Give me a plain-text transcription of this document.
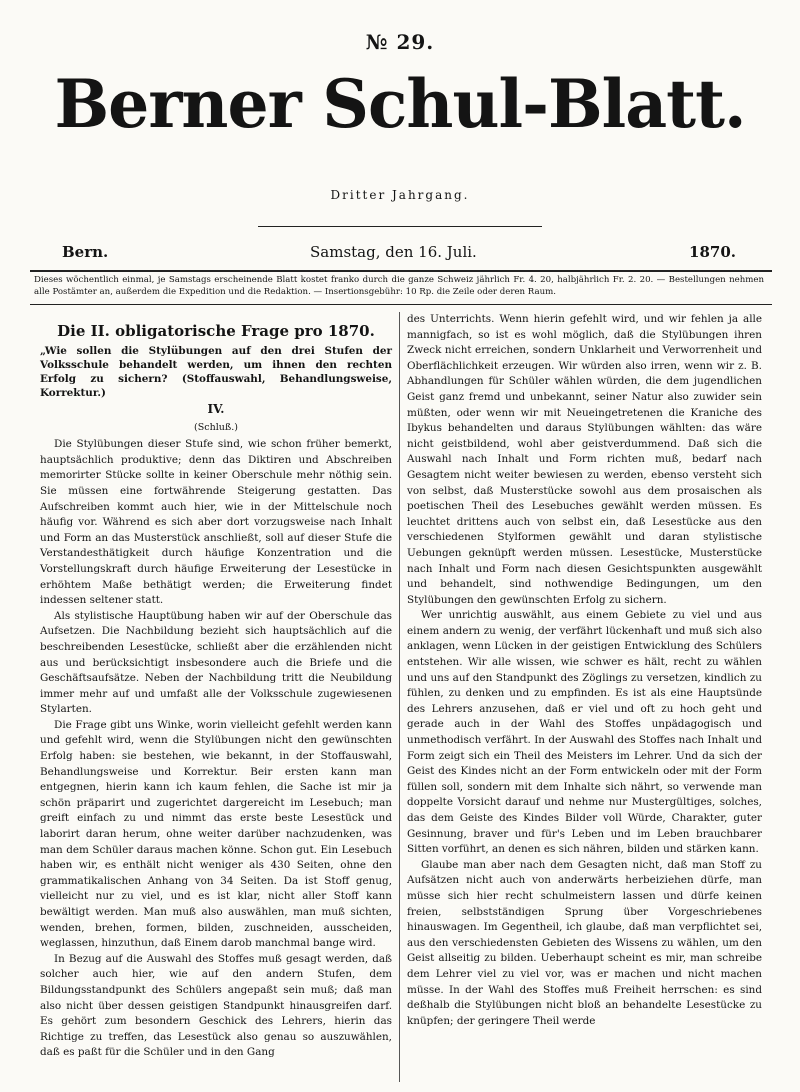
№ 29.
Berner Schul-Blatt.
Dritter Jahrgang.
Bern.	Samstag, den 16. Juli.	1870.
Dieses wöchentlich einmal, je Samstags erscheinende Blatt kostet franko durch die ganze Schweiz jährlich Fr. 4. 20, halbjährlich Fr. 2. 20. — Bestellungen nehmen alle Postämter an, außerdem die Expedition und die Redaktion. — Insertionsgebühr: 10 Rp. die Zeile oder deren Raum.
Die II. obligatorische Frage pro 1870.

„Wie sollen die Stylübungen auf den drei Stufen der Volksschule behandelt werden, um ihnen den rechten Erfolg zu sichern? (Stoffauswahl, Behandlungsweise, Korrektur.)

IV.
(Schluß.)

Die Stylübungen dieser Stufe sind, wie schon früher bemerkt, hauptsächlich produktive; denn das Diktiren und Abschreiben memorirter Stücke sollte in keiner Oberschule mehr nöthig sein. Sie müssen eine fortwährende Steigerung gestatten. Das Aufschreiben kommt auch hier, wie in der Mittelschule noch häufig vor. Während es sich aber dort vorzugsweise nach Inhalt und Form an das Musterstück anschließt, soll auf dieser Stufe die Verstandesthätigkeit durch häufige Konzentration und die Vorstellungskraft durch häufige Erweiterung der Lesestücke in erhöhtem Maße bethätigt werden; die Erweiterung findet indessen seltener statt.

Als stylistische Hauptübung haben wir auf der Oberschule das Aufsetzen. Die Nachbildung bezieht sich hauptsächlich auf die beschreibenden Lesestücke, schließt aber die erzählenden nicht aus und berücksichtigt insbesondere auch die Briefe und die Geschäftsaufsätze. Neben der Nachbildung tritt die Neubildung immer mehr auf und umfaßt alle der Volksschule zugewiesenen Stylarten.

Die Frage gibt uns Winke, worin vielleicht gefehlt werden kann und gefehlt wird, wenn die Stylübungen nicht den gewünschten Erfolg haben: sie bestehen, wie bekannt, in der Stoffauswahl, Behandlungsweise und Korrektur. Beir ersten kann man entgegnen, hierin kann ich kaum fehlen, die Sache ist mir ja schön präparirt und zugerichtet dargereicht im Lesebuch; man greift einfach zu und nimmt das erste beste Lesestück und laborirt daran herum, ohne weiter darüber nachzudenken, was man dem Schüler daraus machen könne. Schon gut. Ein Lesebuch haben wir, es enthält nicht weniger als 430 Seiten, ohne den grammatikalischen Anhang von 34 Seiten. Da ist Stoff genug, vielleicht nur zu viel, und es ist klar, nicht aller Stoff kann bewältigt werden. Man muß also auswählen, man muß sichten, wenden, brehen, formen, bilden, zuschneiden, ausscheiden, weglassen, hinzuthun, daß Einem darob manchmal bange wird.

In Bezug auf die Auswahl des Stoffes muß gesagt werden, daß solcher auch hier, wie auf den andern Stufen, dem Bildungsstandpunkt des Schülers angepaßt sein muß; daß man also nicht über dessen geistigen Standpunkt hinausgreifen darf. Es gehört zum besondern Geschick des Lehrers, hierin das Richtige zu treffen, das Lesestück also genau so auszuwählen, daß es paßt für die Schüler und in den Gang

des Unterrichts. Wenn hierin gefehlt wird, und wir fehlen ja alle mannigfach, so ist es wohl möglich, daß die Stylübungen ihren Zweck nicht erreichen, sondern Unklarheit und Verworrenheit und Oberflächlichkeit erzeugen. Wir würden also irren, wenn wir z. B. Abhandlungen für Schüler wählen würden, die dem jugendlichen Geist ganz fremd und unbekannt, seiner Natur also zuwider sein müßten, oder wenn wir mit Neueingetretenen die Kraniche des Ibykus behandelten und daraus Stylübungen wählten: das wäre nicht geistbildend, wohl aber geistverdummend. Daß sich die Auswahl nach Inhalt und Form richten muß, bedarf nach Gesagtem nicht weiter bewiesen zu werden, ebenso versteht sich von selbst, daß Musterstücke sowohl aus dem prosaischen als poetischen Theil des Lesebuches gewählt werden müssen. Es leuchtet drittens auch von selbst ein, daß Lesestücke aus den verschiedenen Stylformen gewählt und daran stylistische Uebungen geknüpft werden müssen. Lesestücke, Musterstücke nach Inhalt und Form nach diesen Gesichtspunkten ausgewählt und behandelt, sind nothwendige Bedingungen, um den Stylübungen den gewünschten Erfolg zu sichern.

Wer unrichtig auswählt, aus einem Gebiete zu viel und aus einem andern zu wenig, der verfährt lückenhaft und muß sich also anklagen, wenn Lücken in der geistigen Entwicklung des Schülers entstehen. Wir alle wissen, wie schwer es hält, recht zu wählen und uns auf den Standpunkt des Zöglings zu versetzen, kindlich zu fühlen, zu denken und zu empfinden. Es ist als eine Hauptsünde des Lehrers anzusehen, daß er viel und oft zu hoch geht und gerade auch in der Wahl des Stoffes unpädagogisch und unmethodisch verfährt. In der Auswahl des Stoffes nach Inhalt und Form zeigt sich ein Theil des Meisters im Lehrer. Und da sich der Geist des Kindes nicht an der Form entwickeln oder mit der Form füllen soll, sondern mit dem Inhalte sich nährt, so verwende man doppelte Vorsicht darauf und nehme nur Mustergültiges, solches, das dem Geiste des Kindes Bilder voll Würde, Charakter, guter Gesinnung, braver und für's Leben und im Leben brauchbarer Sitten vorführt, an denen es sich nähren, bilden und stärken kann.

Glaube man aber nach dem Gesagten nicht, daß man Stoff zu Aufsätzen nicht auch von anderwärts herbeiziehen dürfe, man müsse sich hier recht schulmeistern lassen und dürfe keinen freien, selbstständigen Sprung über Vorgeschriebenes hinauswagen. Im Gegentheil, ich glaube, daß man verpflichtet sei, aus den verschiedensten Gebieten des Wissens zu wählen, um den Geist allseitig zu bilden. Ueberhaupt scheint es mir, man schreibe dem Lehrer viel zu viel vor, was er machen und nicht machen müsse. In der Wahl des Stoffes muß Freiheit herrschen: es sind deßhalb die Stylübungen nicht bloß an behandelte Lesestücke zu knüpfen; der geringere Theil werde
